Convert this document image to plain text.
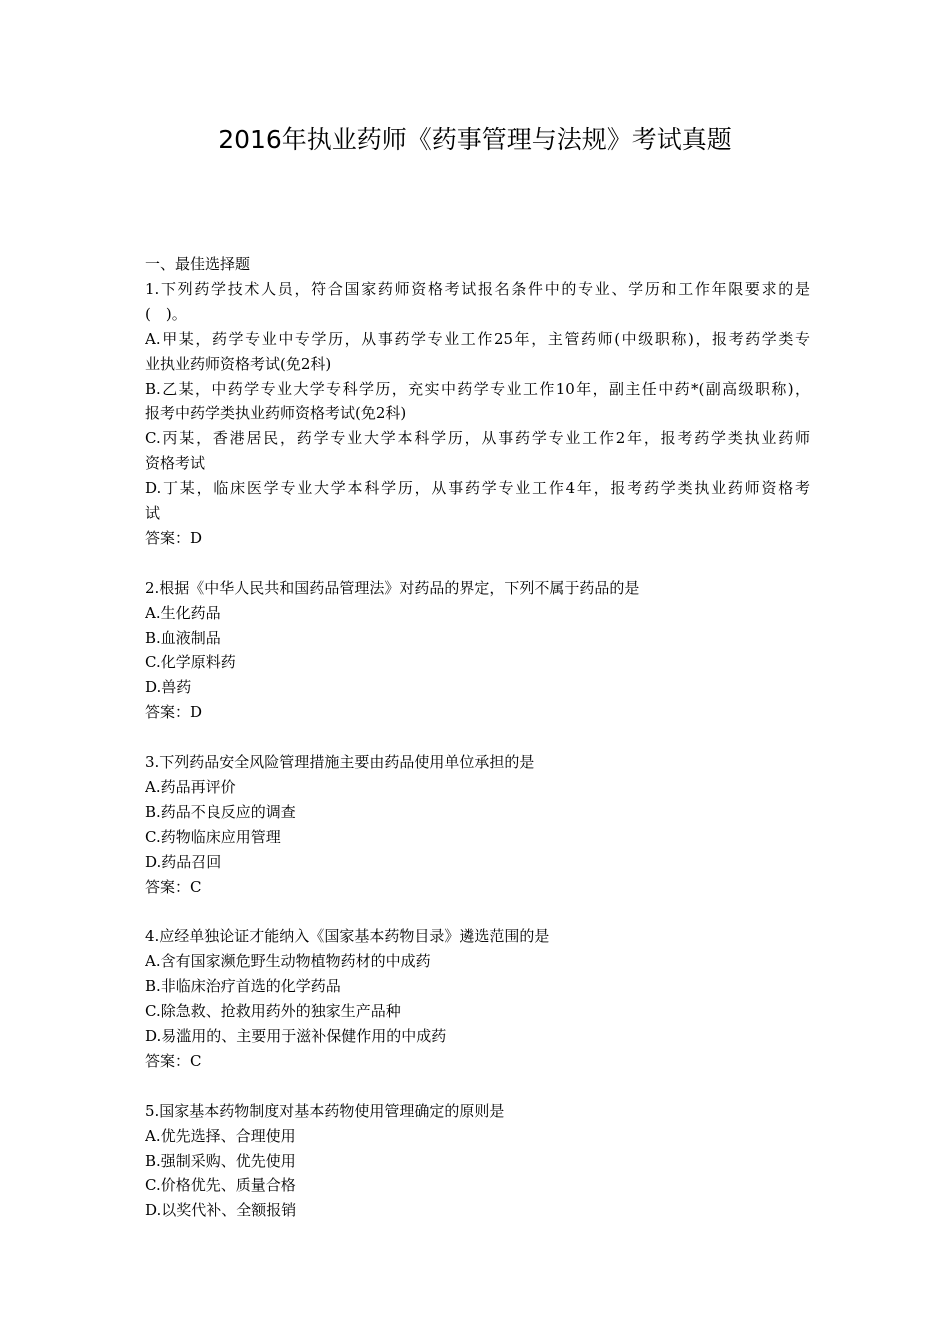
2016年执业药师《药事管理与法规》考试真题
一、最佳选择题
1.下列药学技术人员，符合国家药师资格考试报名条件中的专业、学历和工作年限要求的是
(　)。
A.甲某，药学专业中专学历，从事药学专业工作25年，主管药师(中级职称)，报考药学类专
业执业药师资格考试(免2科)
B.乙某，中药学专业大学专科学历，充实中药学专业工作10年，副主任中药*(副高级职称)，
报考中药学类执业药师资格考试(免2科)
C.丙某，香港居民，药学专业大学本科学历，从事药学专业工作2年，报考药学类执业药师
资格考试
D.丁某，临床医学专业大学本科学历，从事药学专业工作4年，报考药学类执业药师资格考
试
答案：D
2.根据《中华人民共和国药品管理法》对药品的界定，下列不属于药品的是
A.生化药品
B.血液制品
C.化学原料药
D.兽药
答案：D
3.下列药品安全风险管理措施主要由药品使用单位承担的是
A.药品再评价
B.药品不良反应的调查
C.药物临床应用管理
D.药品召回
答案：C
4.应经单独论证才能纳入《国家基本药物目录》遴选范围的是
A.含有国家濒危野生动物植物药材的中成药
B.非临床治疗首选的化学药品
C.除急救、抢救用药外的独家生产品种
D.易滥用的、主要用于滋补保健作用的中成药
答案：C
5.国家基本药物制度对基本药物使用管理确定的原则是
A.优先选择、合理使用
B.强制采购、优先使用
C.价格优先、质量合格
D.以奖代补、全额报销
